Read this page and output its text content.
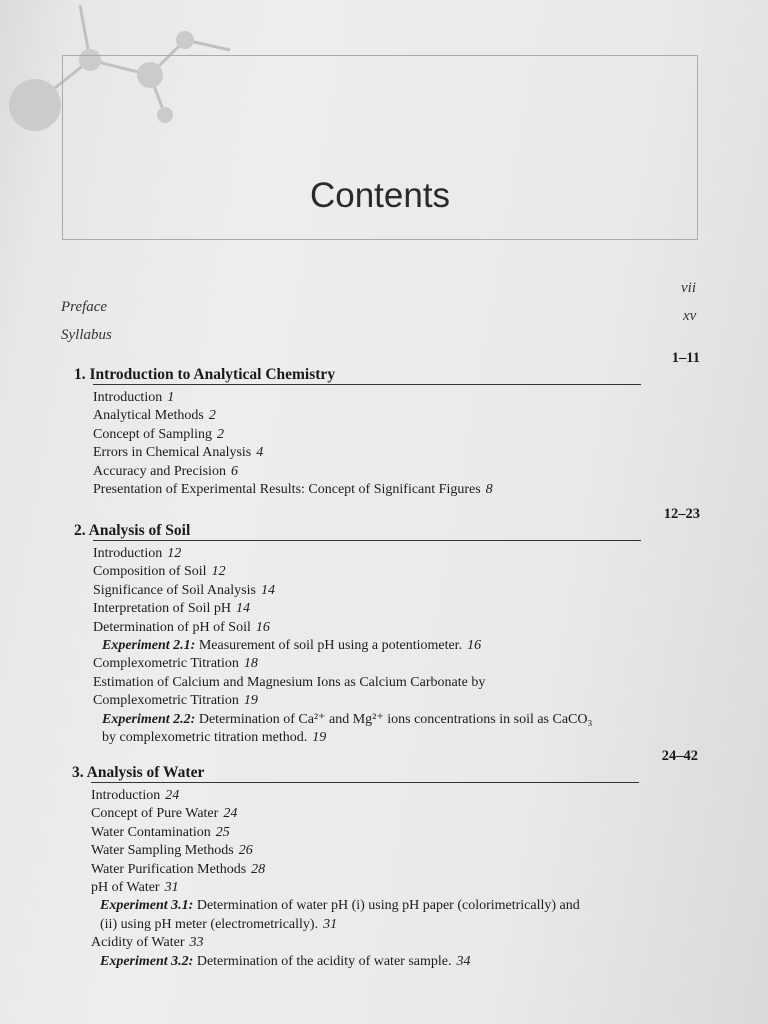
Contents
Preface
vii
Syllabus
xv
1. Introduction to Analytical Chemistry
1–11
Introduction 1
Analytical Methods 2
Concept of Sampling 2
Errors in Chemical Analysis 4
Accuracy and Precision 6
Presentation of Experimental Results: Concept of Significant Figures 8
2. Analysis of Soil
12–23
Introduction 12
Composition of Soil 12
Significance of Soil Analysis 14
Interpretation of Soil pH 14
Determination of pH of Soil 16
Experiment 2.1: Measurement of soil pH using a potentiometer. 16
Complexometric Titration 18
Estimation of Calcium and Magnesium Ions as Calcium Carbonate by
Complexometric Titration 19
Experiment 2.2: Determination of Ca²⁺ and Mg²⁺ ions concentrations in soil as CaCO₃
by complexometric titration method. 19
3. Analysis of Water
24–42
Introduction 24
Concept of Pure Water 24
Water Contamination 25
Water Sampling Methods 26
Water Purification Methods 28
pH of Water 31
Experiment 3.1: Determination of water pH (i) using pH paper (colorimetrically) and
(ii) using pH meter (electrometrically). 31
Acidity of Water 33
Experiment 3.2: Determination of the acidity of water sample. 34
